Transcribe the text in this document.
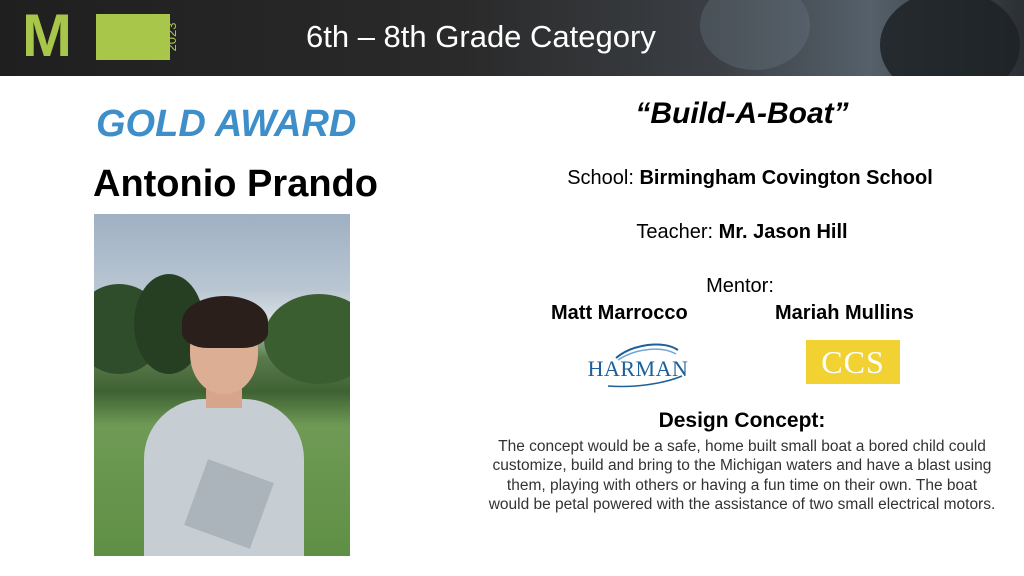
M	2023	6th – 8th Grade Category
GOLD AWARD
Antonio Prando
“Build-A-Boat”
School: Birmingham Covington School
Teacher: Mr. Jason Hill
Mentor:
Matt Marrocco	Mariah Mullins
HARMAN	CCS
Design Concept:
The concept would be a safe, home built small boat a bored child could customize, build and bring to the Michigan waters and have a blast using them, playing with others or having a fun time on their own. The boat would be petal powered with the assistance of two small electrical motors.
